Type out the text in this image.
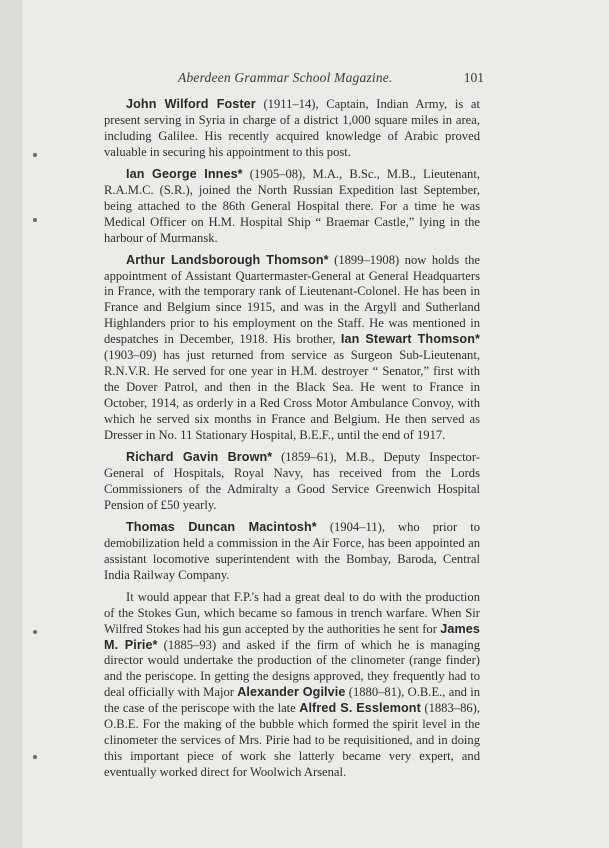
Aberdeen Grammar School Magazine.	101

John Wilford Foster (1911–14), Captain, Indian Army, is at present serving in Syria in charge of a district 1,000 square miles in area, including Galilee. His recently acquired knowledge of Arabic proved valuable in securing his appointment to this post.

Ian George Innes* (1905–08), M.A., B.Sc., M.B., Lieutenant, R.A.M.C. (S.R.), joined the North Russian Expedition last September, being attached to the 86th General Hospital there. For a time he was Medical Officer on H.M. Hospital Ship “ Braemar Castle,” lying in the harbour of Murmansk.

Arthur Landsborough Thomson* (1899–1908) now holds the appointment of Assistant Quartermaster-General at General Headquarters in France, with the temporary rank of Lieutenant-Colonel. He has been in France and Belgium since 1915, and was in the Argyll and Sutherland Highlanders prior to his employment on the Staff. He was mentioned in despatches in December, 1918. His brother, Ian Stewart Thomson* (1903–09) has just returned from service as Surgeon Sub-Lieutenant, R.N.V.R. He served for one year in H.M. destroyer “ Senator,” first with the Dover Patrol, and then in the Black Sea. He went to France in October, 1914, as orderly in a Red Cross Motor Ambulance Convoy, with which he served six months in France and Belgium. He then served as Dresser in No. 11 Stationary Hospital, B.E.F., until the end of 1917.

Richard Gavin Brown* (1859–61), M.B., Deputy Inspector-General of Hospitals, Royal Navy, has received from the Lords Commissioners of the Admiralty a Good Service Greenwich Hospital Pension of £50 yearly.

Thomas Duncan Macintosh* (1904–11), who prior to demobilization held a commission in the Air Force, has been appointed an assistant locomotive superintendent with the Bombay, Baroda, Central India Railway Company.

It would appear that F.P.'s had a great deal to do with the production of the Stokes Gun, which became so famous in trench warfare. When Sir Wilfred Stokes had his gun accepted by the authorities he sent for James M. Pirie* (1885–93) and asked if the firm of which he is managing director would undertake the production of the clinometer (range finder) and the periscope. In getting the designs approved, they frequently had to deal officially with Major Alexander Ogilvie (1880–81), O.B.E., and in the case of the periscope with the late Alfred S. Esslemont (1883–86), O.B.E. For the making of the bubble which formed the spirit level in the clinometer the services of Mrs. Pirie had to be requisitioned, and in doing this important piece of work she latterly became very expert, and eventually worked direct for Woolwich Arsenal.
